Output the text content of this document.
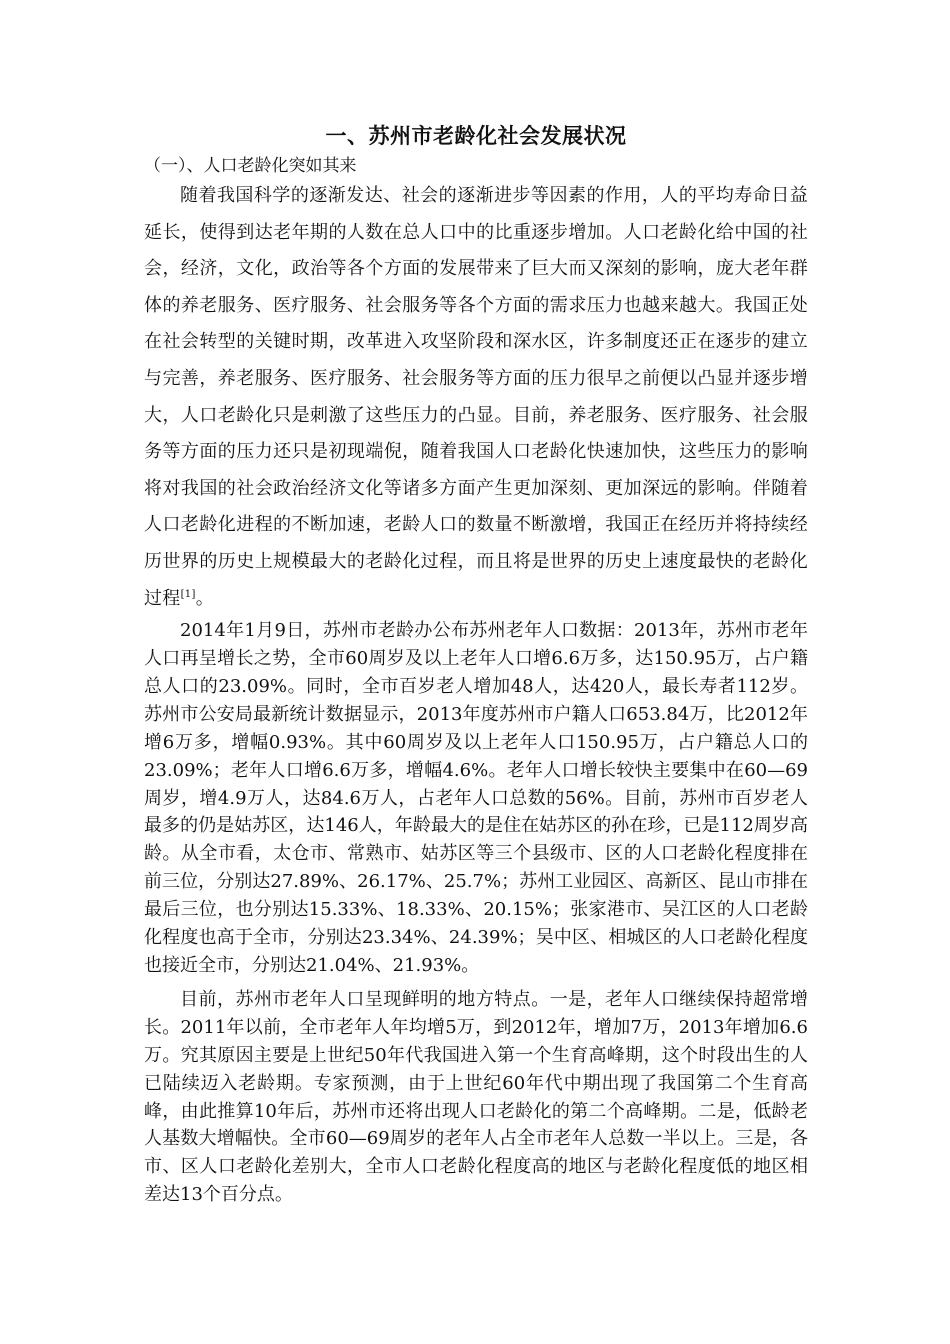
一、苏州市老龄化社会发展状况

（一）、人口老龄化突如其来

随着我国科学的逐渐发达、社会的逐渐进步等因素的作用，人的平均寿命日益延长，使得到达老年期的人数在总人口中的比重逐步增加。人口老龄化给中国的社会，经济，文化，政治等各个方面的发展带来了巨大而又深刻的影响，庞大老年群体的养老服务、医疗服务、社会服务等各个方面的需求压力也越来越大。我国正处在社会转型的关键时期，改革进入攻坚阶段和深水区，许多制度还正在逐步的建立与完善，养老服务、医疗服务、社会服务等方面的压力很早之前便以凸显并逐步增大，人口老龄化只是刺激了这些压力的凸显。目前，养老服务、医疗服务、社会服务等方面的压力还只是初现端倪，随着我国人口老龄化快速加快，这些压力的影响将对我国的社会政治经济文化等诸多方面产生更加深刻、更加深远的影响。伴随着人口老龄化进程的不断加速，老龄人口的数量不断激增，我国正在经历并将持续经历世界的历史上规模最大的老龄化过程，而且将是世界的历史上速度最快的老龄化过程[1]。

2014年1月9日，苏州市老龄办公布苏州老年人口数据：2013年，苏州市老年人口再呈增长之势，全市60周岁及以上老年人口增6.6万多，达150.95万，占户籍总人口的23.09%。同时，全市百岁老人增加48人，达420人，最长寿者112岁。 苏州市公安局最新统计数据显示，2013年度苏州市户籍人口653.84万，比2012年增6万多，增幅0.93%。其中60周岁及以上老年人口150.95万，占户籍总人口的23.09%；老年人口增6.6万多，增幅4.6%。老年人口增长较快主要集中在60—69周岁，增4.9万人，达84.6万人，占老年人口总数的56%。目前，苏州市百岁老人最多的仍是姑苏区，达146人，年龄最大的是住在姑苏区的孙在珍，已是112周岁高龄。从全市看，太仓市、常熟市、姑苏区等三个县级市、区的人口老龄化程度排在前三位，分别达27.89%、26.17%、25.7%；苏州工业园区、高新区、昆山市排在最后三位，也分别达15.33%、18.33%、20.15%；张家港市、吴江区的人口老龄化程度也高于全市，分别达23.34%、24.39%；吴中区、相城区的人口老龄化程度也接近全市，分别达21.04%、21.93%。

目前，苏州市老年人口呈现鲜明的地方特点。一是，老年人口继续保持超常增长。2011年以前，全市老年人年均增5万，到2012年，增加7万，2013年增加6.6万。究其原因主要是上世纪50年代我国进入第一个生育高峰期，这个时段出生的人已陆续迈入老龄期。专家预测，由于上世纪60年代中期出现了我国第二个生育高峰，由此推算10年后，苏州市还将出现人口老龄化的第二个高峰期。二是，低龄老人基数大增幅快。全市60—69周岁的老年人占全市老年人总数一半以上。三是，各市、区人口老龄化差别大，全市人口老龄化程度高的地区与老龄化程度低的地区相差达13个百分点。
